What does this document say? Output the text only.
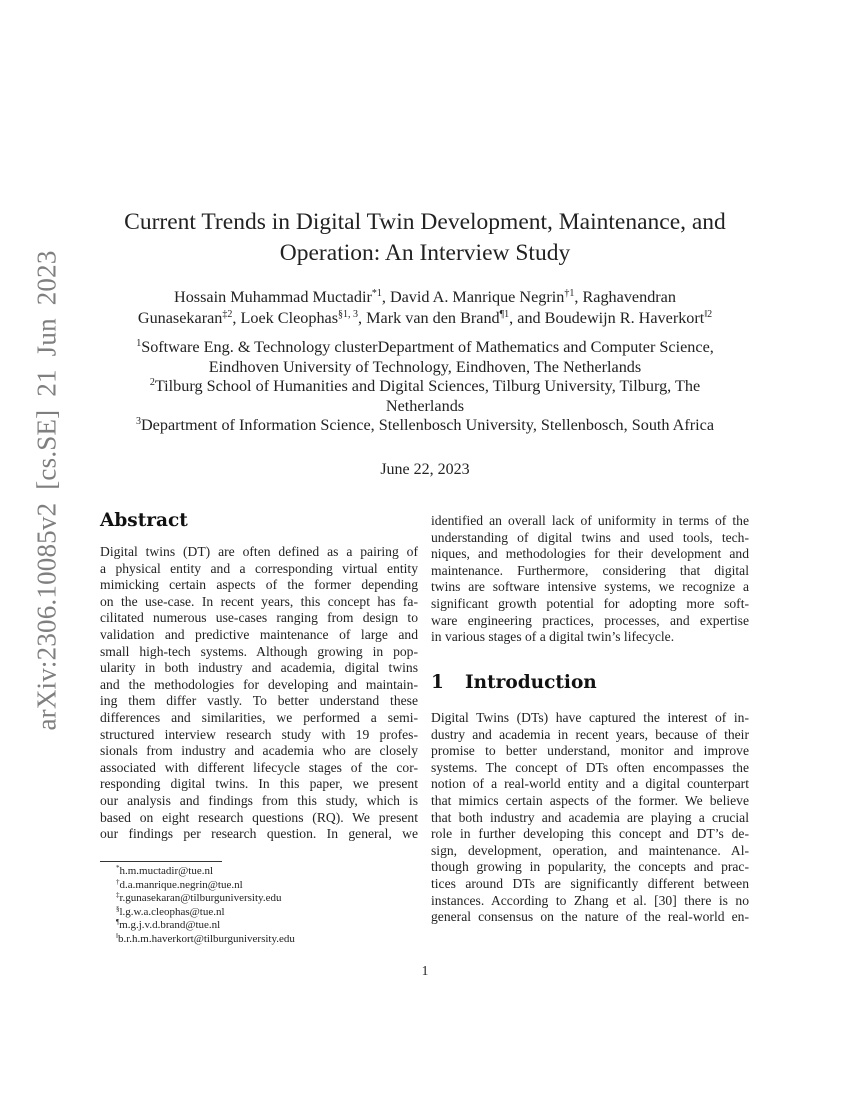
arXiv:2306.10085v2 [cs.SE] 21 Jun 2023
Current Trends in Digital Twin Development, Maintenance, and
Operation: An Interview Study
Hossain Muhammad Muctadir$^{*1}$, David A. Manrique Negrin$^{\dagger 1}$, Raghavendran
Gunasekaran$^{\ddagger 2}$, Loek Cleophas$^{\S 1, 3}$, Mark van den Brand$^{\P 1}$, and Boudewijn R. Haverkort$^{‖2}$
$^1$Software Eng. & Technology clusterDepartment of Mathematics and Computer Science,
Eindhoven University of Technology, Eindhoven, The Netherlands
$^2$Tilburg School of Humanities and Digital Sciences, Tilburg University, Tilburg, The
Netherlands
$^3$Department of Information Science, Stellenbosch University, Stellenbosch, South Africa
June 22, 2023
Abstract
Digital twins (DT) are often defined as a pairing of
a physical entity and a corresponding virtual entity
mimicking certain aspects of the former depending
on the use-case. In recent years, this concept has fa-
cilitated numerous use-cases ranging from design to
validation and predictive maintenance of large and
small high-tech systems. Although growing in pop-
ularity in both industry and academia, digital twins
and the methodologies for developing and maintain-
ing them differ vastly. To better understand these
differences and similarities, we performed a semi-
structured interview research study with 19 profes-
sionals from industry and academia who are closely
associated with different lifecycle stages of the cor-
responding digital twins. In this paper, we present
our analysis and findings from this study, which is
based on eight research questions (RQ). We present
our findings per research question. In general, we
*h.m.muctadir@tue.nl
†d.a.manrique.negrin@tue.nl
‡r.gunasekaran@tilburguniversity.edu
§l.g.w.a.cleophas@tue.nl
¶m.g.j.v.d.brand@tue.nl
‖b.r.h.m.haverkort@tilburguniversity.edu
identified an overall lack of uniformity in terms of the
understanding of digital twins and used tools, tech-
niques, and methodologies for their development and
maintenance. Furthermore, considering that digital
twins are software intensive systems, we recognize a
significant growth potential for adopting more soft-
ware engineering practices, processes, and expertise
in various stages of a digital twin’s lifecycle.
1 Introduction
Digital Twins (DTs) have captured the interest of in-
dustry and academia in recent years, because of their
promise to better understand, monitor and improve
systems. The concept of DTs often encompasses the
notion of a real-world entity and a digital counterpart
that mimics certain aspects of the former. We believe
that both industry and academia are playing a crucial
role in further developing this concept and DT’s de-
sign, development, operation, and maintenance. Al-
though growing in popularity, the concepts and prac-
tices around DTs are significantly different between
instances. According to Zhang et al. [30] there is no
general consensus on the nature of the real-world en-
1
